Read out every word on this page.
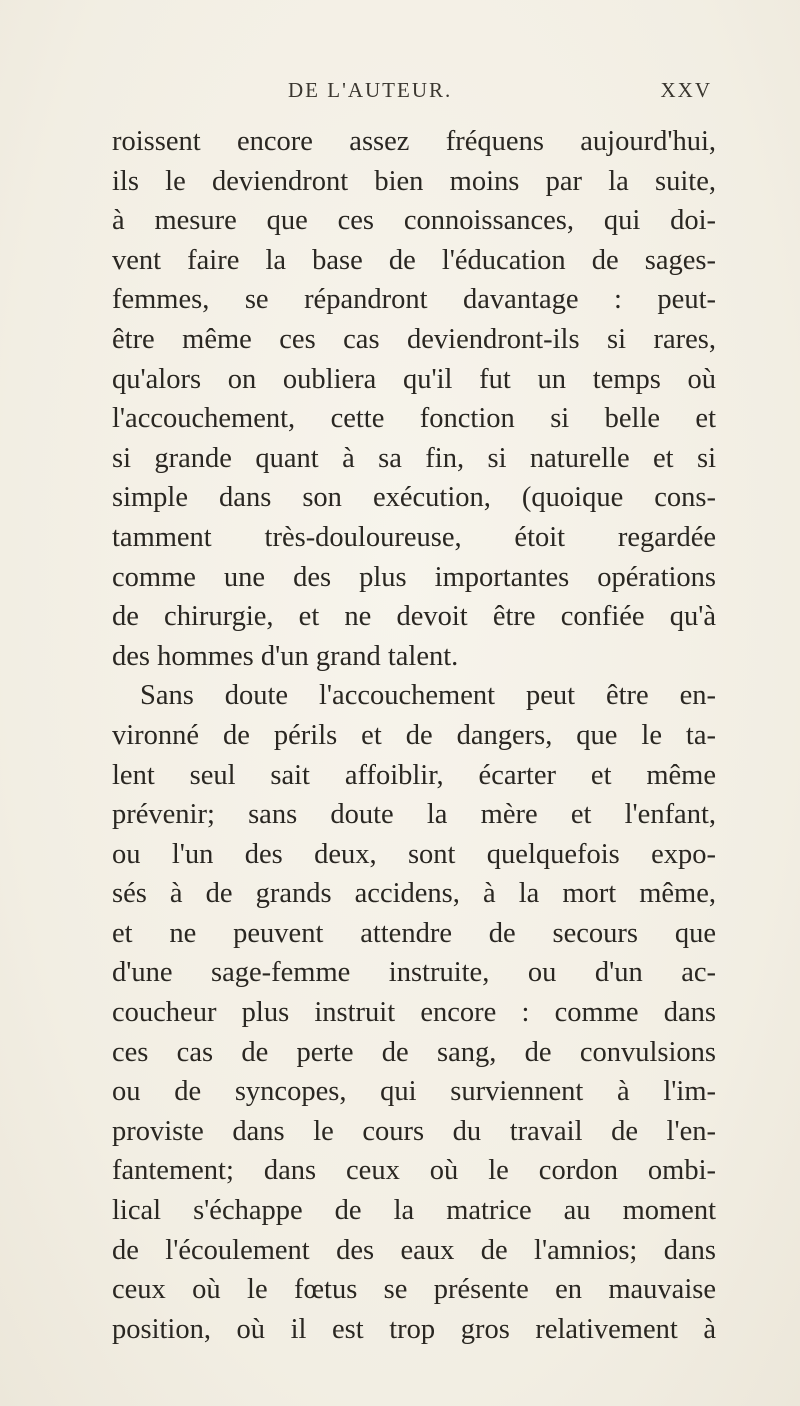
DE L'AUTEUR.	XXV
roissent encore assez fréquens aujourd'hui,
ils le deviendront bien moins par la suite,
à mesure que ces connoissances, qui doi-
vent faire la base de l'éducation de sages-
femmes, se répandront davantage : peut-
être même ces cas deviendront-ils si rares,
qu'alors on oubliera qu'il fut un temps où
l'accouchement, cette fonction si belle et
si grande quant à sa fin, si naturelle et si
simple dans son exécution, (quoique cons-
tamment très-douloureuse, étoit regardée
comme une des plus importantes opérations
de chirurgie, et ne devoit être confiée qu'à
des hommes d'un grand talent.
Sans doute l'accouchement peut être en-
vironné de périls et de dangers, que le ta-
lent seul sait affoiblir, écarter et même
prévenir; sans doute la mère et l'enfant,
ou l'un des deux, sont quelquefois expo-
sés à de grands accidens, à la mort même,
et ne peuvent attendre de secours que
d'une sage-femme instruite, ou d'un ac-
coucheur plus instruit encore : comme dans
ces cas de perte de sang, de convulsions
ou de syncopes, qui surviennent à l'im-
proviste dans le cours du travail de l'en-
fantement; dans ceux où le cordon ombi-
lical s'échappe de la matrice au moment
de l'écoulement des eaux de l'amnios; dans
ceux où le fœtus se présente en mauvaise
position, où il est trop gros relativement à
